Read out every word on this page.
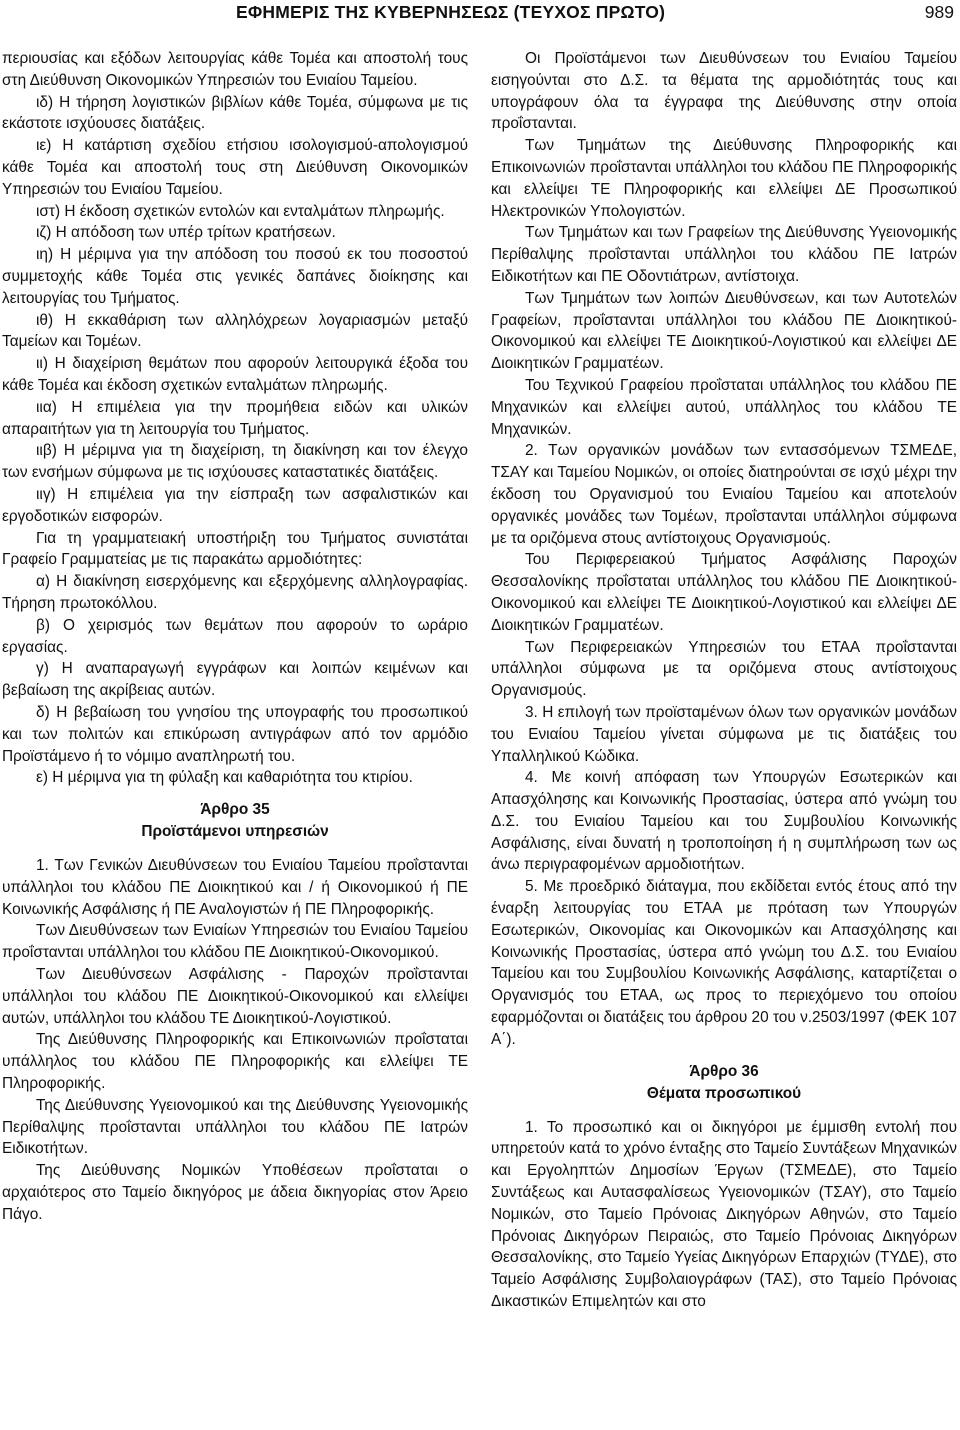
ΕΦΗΜΕΡΙΣ ΤΗΣ ΚΥΒΕΡΝΗΣΕΩΣ (ΤΕΥΧΟΣ ΠΡΩΤΟ)	989

περιουσίας και εξόδων λειτουργίας κάθε Τομέα και αποστολή τους στη Διεύθυνση Οικονομικών Υπηρεσιών του Ενιαίου Ταμείου.

ιδ) Η τήρηση λογιστικών βιβλίων κάθε Τομέα, σύμφωνα με τις εκάστοτε ισχύουσες διατάξεις.

ιε) Η κατάρτιση σχεδίου ετήσιου ισολογισμού-απολογισμού κάθε Τομέα και αποστολή τους στη Διεύθυνση Οικονομικών Υπηρεσιών του Ενιαίου Ταμείου.

ιστ) Η έκδοση σχετικών εντολών και ενταλμάτων πληρωμής.

ιζ) Η απόδοση των υπέρ τρίτων κρατήσεων.

ιη) Η μέριμνα για την απόδοση του ποσού εκ του ποσοστού συμμετοχής κάθε Τομέα στις γενικές δαπάνες διοίκησης και λειτουργίας του Τμήματος.

ιθ) Η εκκαθάριση των αλληλόχρεων λογαριασμών μεταξύ Ταμείων και Τομέων.

ιι) Η διαχείριση θεμάτων που αφορούν λειτουργικά έξοδα του κάθε Τομέα και έκδοση σχετικών ενταλμάτων πληρωμής.

ιια) Η επιμέλεια για την προμήθεια ειδών και υλικών απαραιτήτων για τη λειτουργία του Τμήματος.

ιιβ) Η μέριμνα για τη διαχείριση, τη διακίνηση και τον έλεγχο των ενσήμων σύμφωνα με τις ισχύουσες καταστατικές διατάξεις.

ιιγ) Η επιμέλεια για την είσπραξη των ασφαλιστικών και εργοδοτικών εισφορών.

Για τη γραμματειακή υποστήριξη του Τμήματος συνιστάται Γραφείο Γραμματείας με τις παρακάτω αρμοδιότητες:

α) Η διακίνηση εισερχόμενης και εξερχόμενης αλληλογραφίας. Τήρηση πρωτοκόλλου.

β) Ο χειρισμός των θεμάτων που αφορούν το ωράριο εργασίας.

γ) Η αναπαραγωγή εγγράφων και λοιπών κειμένων και βεβαίωση της ακρίβειας αυτών.

δ) Η βεβαίωση του γνησίου της υπογραφής του προσωπικού και των πολιτών και επικύρωση αντιγράφων από τον αρμόδιο Προϊστάμενο ή το νόμιμο αναπληρωτή του.

ε) Η μέριμνα για τη φύλαξη και καθαριότητα του κτιρίου.

Άρθρο 35
Προϊστάμενοι υπηρεσιών

1. Των Γενικών Διευθύνσεων του Ενιαίου Ταμείου προΐστανται υπάλληλοι του κλάδου ΠΕ Διοικητικού και / ή Οικονομικού ή ΠΕ Κοινωνικής Ασφάλισης ή ΠΕ Αναλογιστών ή ΠΕ Πληροφορικής.

Των Διευθύνσεων των Ενιαίων Υπηρεσιών του Ενιαίου Ταμείου προΐστανται υπάλληλοι του κλάδου ΠΕ Διοικητικού-Οικονομικού.

Των Διευθύνσεων Ασφάλισης - Παροχών προΐστανται υπάλληλοι του κλάδου ΠΕ Διοικητικού-Οικονομικού και ελλείψει αυτών, υπάλληλοι του κλάδου ΤΕ Διοικητικού-Λογιστικού.

Της Διεύθυνσης Πληροφορικής και Επικοινωνιών προΐσταται υπάλληλος του κλάδου ΠΕ Πληροφορικής και ελλείψει ΤΕ Πληροφορικής.

Της Διεύθυνσης Υγειονομικού και της Διεύθυνσης Υγειονομικής Περίθαλψης προΐστανται υπάλληλοι του κλάδου ΠΕ Ιατρών Ειδικοτήτων.

Της Διεύθυνσης Νομικών Υποθέσεων προΐσταται ο αρχαιότερος στο Ταμείο δικηγόρος με άδεια δικηγορίας στον Άρειο Πάγο.

Οι Προϊστάμενοι των Διευθύνσεων του Ενιαίου Ταμείου εισηγούνται στο Δ.Σ. τα θέματα της αρμοδιότητάς τους και υπογράφουν όλα τα έγγραφα της Διεύθυνσης στην οποία προΐστανται.

Των Τμημάτων της Διεύθυνσης Πληροφορικής και Επικοινωνιών προΐστανται υπάλληλοι του κλάδου ΠΕ Πληροφορικής και ελλείψει ΤΕ Πληροφορικής και ελλείψει ΔΕ Προσωπικού Ηλεκτρονικών Υπολογιστών.

Των Τμημάτων και των Γραφείων της Διεύθυνσης Υγειονομικής Περίθαλψης προΐστανται υπάλληλοι του κλάδου ΠΕ Ιατρών Ειδικοτήτων και ΠΕ Οδοντιάτρων, αντίστοιχα.

Των Τμημάτων των λοιπών Διευθύνσεων, και των Αυτοτελών Γραφείων, προΐστανται υπάλληλοι του κλάδου ΠΕ Διοικητικού-Οικονομικού και ελλείψει ΤΕ Διοικητικού-Λογιστικού και ελλείψει ΔΕ Διοικητικών Γραμματέων.

Του Τεχνικού Γραφείου προΐσταται υπάλληλος του κλάδου ΠΕ Μηχανικών και ελλείψει αυτού, υπάλληλος του κλάδου ΤΕ Μηχανικών.

2. Των οργανικών μονάδων των εντασσόμενων ΤΣΜΕΔΕ, ΤΣΑΥ και Ταμείου Νομικών, οι οποίες διατηρούνται σε ισχύ μέχρι την έκδοση του Οργανισμού του Ενιαίου Ταμείου και αποτελούν οργανικές μονάδες των Τομέων, προΐστανται υπάλληλοι σύμφωνα με τα οριζόμενα στους αντίστοιχους Οργανισμούς.

Του Περιφερειακού Τμήματος Ασφάλισης Παροχών Θεσσαλονίκης προΐσταται υπάλληλος του κλάδου ΠΕ Διοικητικού-Οικονομικού και ελλείψει ΤΕ Διοικητικού-Λογιστικού και ελλείψει ΔΕ Διοικητικών Γραμματέων.

Των Περιφερειακών Υπηρεσιών του ΕΤΑΑ προΐστανται υπάλληλοι σύμφωνα με τα οριζόμενα στους αντίστοιχους Οργανισμούς.

3. Η επιλογή των προϊσταμένων όλων των οργανικών μονάδων του Ενιαίου Ταμείου γίνεται σύμφωνα με τις διατάξεις του Υπαλληλικού Κώδικα.

4. Με κοινή απόφαση των Υπουργών Εσωτερικών και Απασχόλησης και Κοινωνικής Προστασίας, ύστερα από γνώμη του Δ.Σ. του Ενιαίου Ταμείου και του Συμβουλίου Κοινωνικής Ασφάλισης, είναι δυνατή η τροποποίηση ή η συμπλήρωση των ως άνω περιγραφομένων αρμοδιοτήτων.

5. Με προεδρικό διάταγμα, που εκδίδεται εντός έτους από την έναρξη λειτουργίας του ΕΤΑΑ με πρόταση των Υπουργών Εσωτερικών, Οικονομίας και Οικονομικών και Απασχόλησης και Κοινωνικής Προστασίας, ύστερα από γνώμη του Δ.Σ. του Ενιαίου Ταμείου και του Συμβουλίου Κοινωνικής Ασφάλισης, καταρτίζεται ο Οργανισμός του ΕΤΑΑ, ως προς το περιεχόμενο του οποίου εφαρμόζονται οι διατάξεις του άρθρου 20 του ν.2503/1997 (ΦΕΚ 107 Α΄).

Άρθρο 36
Θέματα προσωπικού

1. Το προσωπικό και οι δικηγόροι με έμμισθη εντολή που υπηρετούν κατά το χρόνο ένταξης στο Ταμείο Συντάξεων Μηχανικών και Εργοληπτών Δημοσίων Έργων (ΤΣΜΕΔΕ), στο Ταμείο Συντάξεως και Αυτασφαλίσεως Υγειονομικών (ΤΣΑΥ), στο Ταμείο Νομικών, στο Ταμείο Πρόνοιας Δικηγόρων Αθηνών, στο Ταμείο Πρόνοιας Δικηγόρων Πειραιώς, στο Ταμείο Πρόνοιας Δικηγόρων Θεσσαλονίκης, στο Ταμείο Υγείας Δικηγόρων Επαρχιών (ΤΥΔΕ), στο Ταμείο Ασφάλισης Συμβολαιογράφων (ΤΑΣ), στο Ταμείο Πρόνοιας Δικαστικών Επιμελητών και στο
